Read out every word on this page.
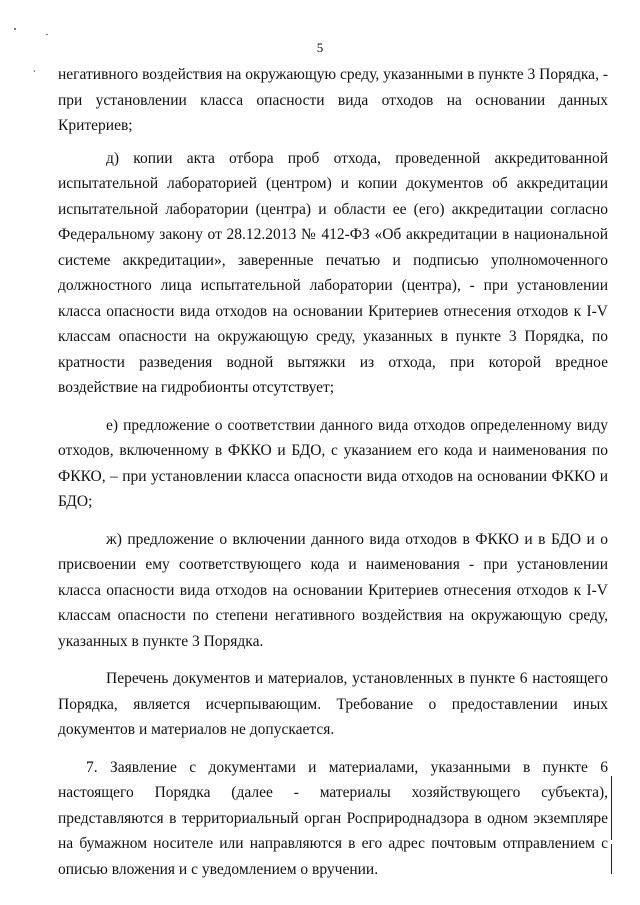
5

негативного воздействия на окружающую среду, указанными в пункте 3 Порядка, - при установлении класса опасности вида отходов на основании данных Критериев;

д) копии акта отбора проб отхода, проведенной аккредитованной испытательной лабораторией (центром) и копии документов об аккредитации испытательной лаборатории (центра) и области ее (его) аккредитации согласно Федеральному закону от 28.12.2013 № 412-ФЗ «Об аккредитации в национальной системе аккредитации», заверенные печатью и подписью уполномоченного должностного лица испытательной лаборатории (центра), - при установлении класса опасности вида отходов на основании Критериев отнесения отходов к I-V классам опасности на окружающую среду, указанных в пункте 3 Порядка, по кратности разведения водной вытяжки из отхода, при которой вредное воздействие на гидробионты отсутствует;

е) предложение о соответствии данного вида отходов определенному виду отходов, включенному в ФККО и БДО, с указанием его кода и наименования по ФККО, – при установлении класса опасности вида отходов на основании ФККО и БДО;

ж) предложение о включении данного вида отходов в ФККО и в БДО и о присвоении ему соответствующего кода и наименования - при установлении класса опасности вида отходов на основании Критериев отнесения отходов к I-V классам опасности по степени негативного воздействия на окружающую среду, указанных в пункте 3 Порядка.

Перечень документов и материалов, установленных в пункте 6 настоящего Порядка, является исчерпывающим. Требование о предоставлении иных документов и материалов не допускается.

7. Заявление с документами и материалами, указанными в пункте 6 настоящего Порядка (далее - материалы хозяйствующего субъекта), представляются в территориальный орган Росприроднадзора в одном экземпляре на бумажном носителе или направляются в его адрес почтовым отправлением с описью вложения и с уведомлением о вручении.
